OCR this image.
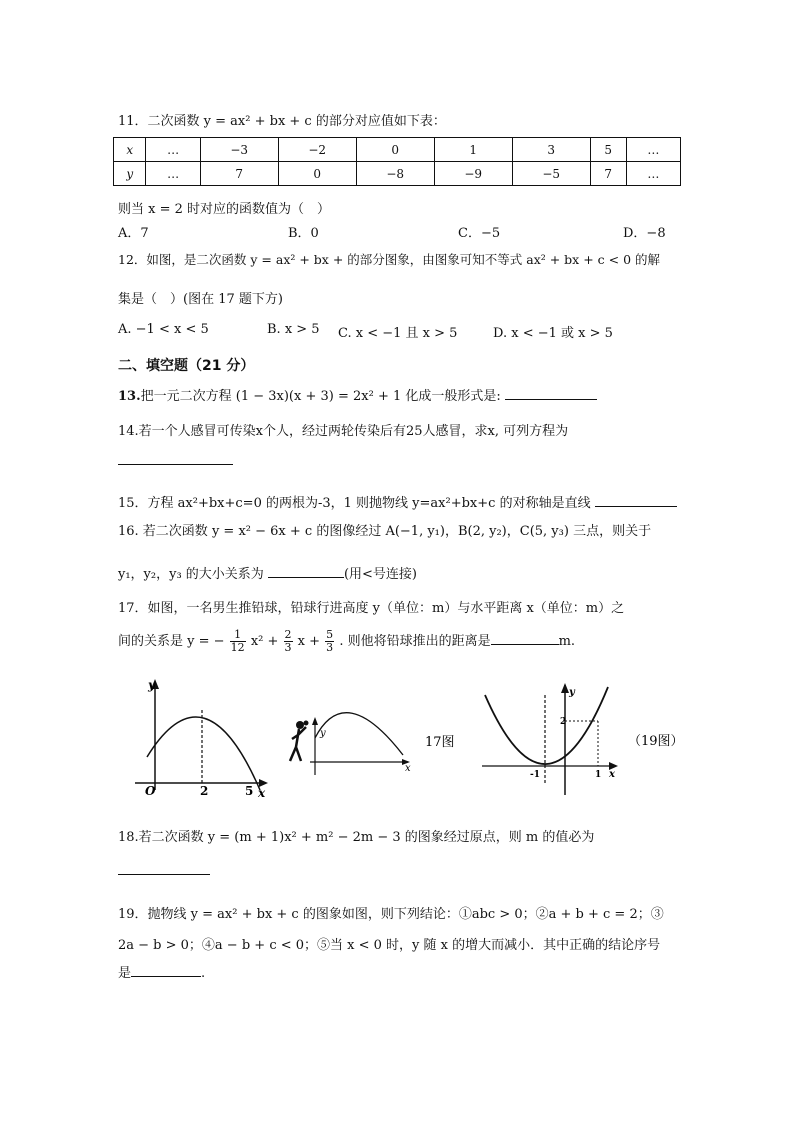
11．二次函数 y = ax² + bx + c 的部分对应值如下表：
x	…	−3	−2	0	1	3	5	…
y	…	7	0	−8	−9	−5	7	…
则当 x = 2 时对应的函数值为（　）
A．7	B．0	C．−5	D．−8
12．如图，是二次函数 y = ax² + bx + 的部分图象，由图象可知不等式 ax² + bx + c < 0 的解
集是（　）(图在 17 题下方)
A. −1 < x < 5	B. x > 5 C. x < −1 且 x > 5	D. x < −1 或 x > 5
二、填空题（21 分）
13.把一元二次方程 (1 − 3x)(x + 3) = 2x² + 1 化成一般形式是:
14.若一个人感冒可传染x个人，经过两轮传染后有25人感冒，求x, 可列方程为
15．方程 ax²+bx+c=0 的两根为-3，1 则抛物线 y=ax²+bx+c 的对称轴是直线
16. 若二次函数 y = x² − 6x + c 的图像经过 A(−1, y₁)，B(2, y₂)，C(5, y₃) 三点，则关于
y₁，y₂，y₃ 的大小关系为	(用<号连接)
17．如图，一名男生推铅球，铅球行进高度 y（单位：m）与水平距离 x（单位：m）之
间的关系是 y = − $\frac{1}{12} x^2 + \frac{2}{3}$ $x + \frac{5}{3}$ . 则他将铅球推出的距离是	m.
y
O	2	5 x
y
x
17图
y
2
-1	1 x
（19图）
18.若二次函数 y = (m + 1)x² + m² − 2m − 3 的图象经过原点，则 m 的值必为
19．抛物线 y = ax² + bx + c 的图象如图，则下列结论：①abc > 0；②a + b + c = 2；③
2a − b > 0；④a − b + c < 0；⑤当 x < 0 时，y 随 x 的增大而减小．其中正确的结论序号
是	.
